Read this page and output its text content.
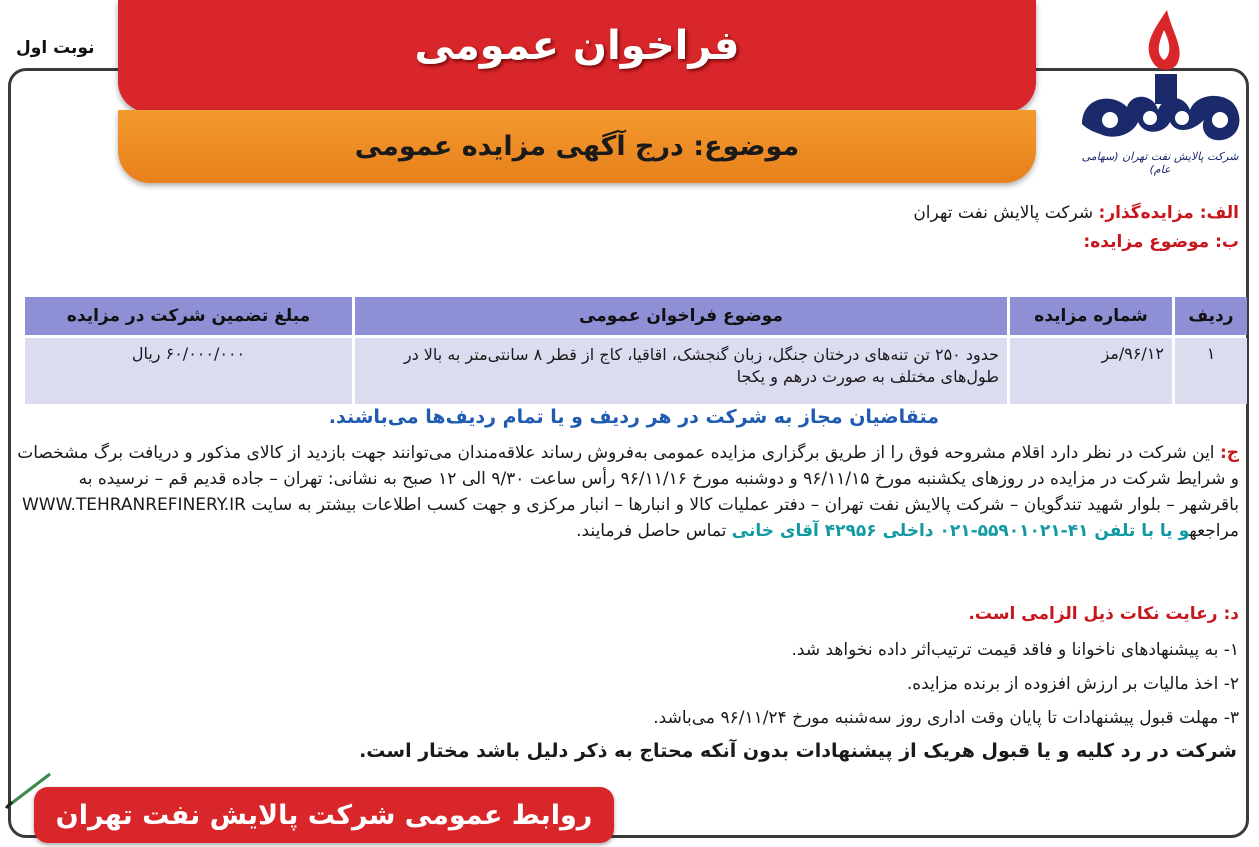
نوبت اول	فراخوان عمومی
موضوع: درج آگهی مزایده عمومی	شرکت پالایش نفت تهران (سهامی عام)
الف: مزایده‌گذار: شرکت پالایش نفت تهران
ب: موضوع مزایده:
ردیف	شماره مزایده	موضوع فراخوان عمومی	مبلغ تضمین شرکت در مزایده
۱	۹۶/۱۲/مز	حدود ۲۵۰ تن تنه‌های درختان جنگل، زبان گنجشک، اقاقیا، کاج از قطر ۸ سانتی‌متر به بالا در طول‌های مختلف به صورت درهم و یکجا	۶۰/۰۰۰/۰۰۰ ریال
متقاضیان مجاز به شرکت در هر ردیف و یا تمام ردیف‌ها می‌باشند.
ج: این شرکت در نظر دارد اقلام مشروحه فوق را از طریق برگزاری مزایده عمومی به‌فروش رساند علاقه‌مندان می‌توانند جهت بازدید از کالای مذکور و دریافت برگ مشخصات و شرایط شرکت در مزایده در روزهای یکشنبه مورخ ۹۶/۱۱/۱۵ و دوشنبه مورخ ۹۶/۱۱/۱۶ رأس ساعت ۹/۳۰ الی ۱۲ صبح به نشانی: تهران – جاده قدیم قم – نرسیده به باقرشهر – بلوار شهید تندگویان – شرکت پالایش نفت تهران – دفتر عملیات کالا و انبارها – انبار مرکزی و جهت کسب اطلاعات بیشتر به سایت WWW.TEHRANREFINERY.IR مراجعهو یا با تلفن ۴۱-۵۵۹۰۱۰۲۱-۰۲۱ داخلی ۴۲۹۵۶ آقای خانی تماس حاصل فرمایند.
د: رعایت نکات ذیل الزامی است.
۱- به پیشنهادهای ناخوانا و فاقد قیمت ترتیب‌اثر داده نخواهد شد.
۲- اخذ مالیات بر ارزش افزوده از برنده مزایده.
۳- مهلت قبول پیشنهادات تا پایان وقت اداری روز سه‌شنبه مورخ ۹۶/۱۱/۲۴ می‌باشد.
شرکت در رد کلیه و یا قبول هریک از پیشنهادات بدون آنکه محتاج به ذکر دلیل باشد مختار است.
روابط عمومی شرکت پالایش نفت تهران
